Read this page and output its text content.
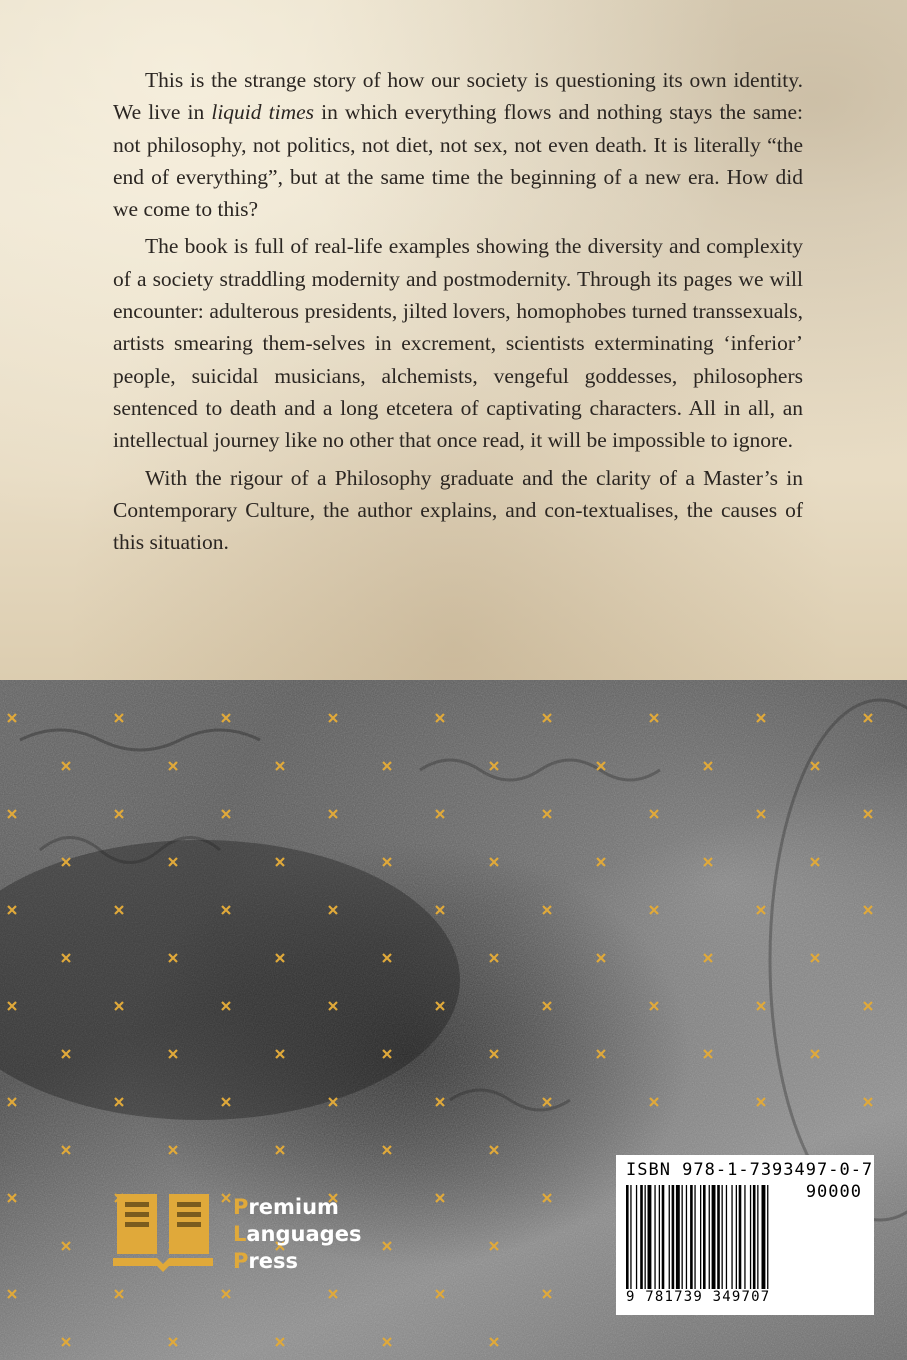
This is the strange story of how our society is questioning its own identity. We live in liquid times in which everything flows and nothing stays the same: not philosophy, not politics, not diet, not sex, not even death. It is literally “the end of everything”, but at the same time the beginning of a new era. How did we come to this?

The book is full of real-life examples showing the diversity and complexity of a society straddling modernity and postmodernity. Through its pages we will encounter: adulterous presidents, jilted lovers, homophobes turned transsexuals, artists smearing them-selves in excrement, scientists exterminating ‘inferior’ people, suicidal musicians, alchemists, vengeful goddesses, philosophers sentenced to death and a long etcetera of captivating characters. All in all, an intellectual journey like no other that once read, it will be impossible to ignore.

With the rigour of a Philosophy graduate and the clarity of a Master’s in Contemporary Culture, the author explains, and con-textualises, the causes of this situation.

Premium
Languages
Press
ISBN 978-1-7393497-0-7
90000
9 781739 349707
